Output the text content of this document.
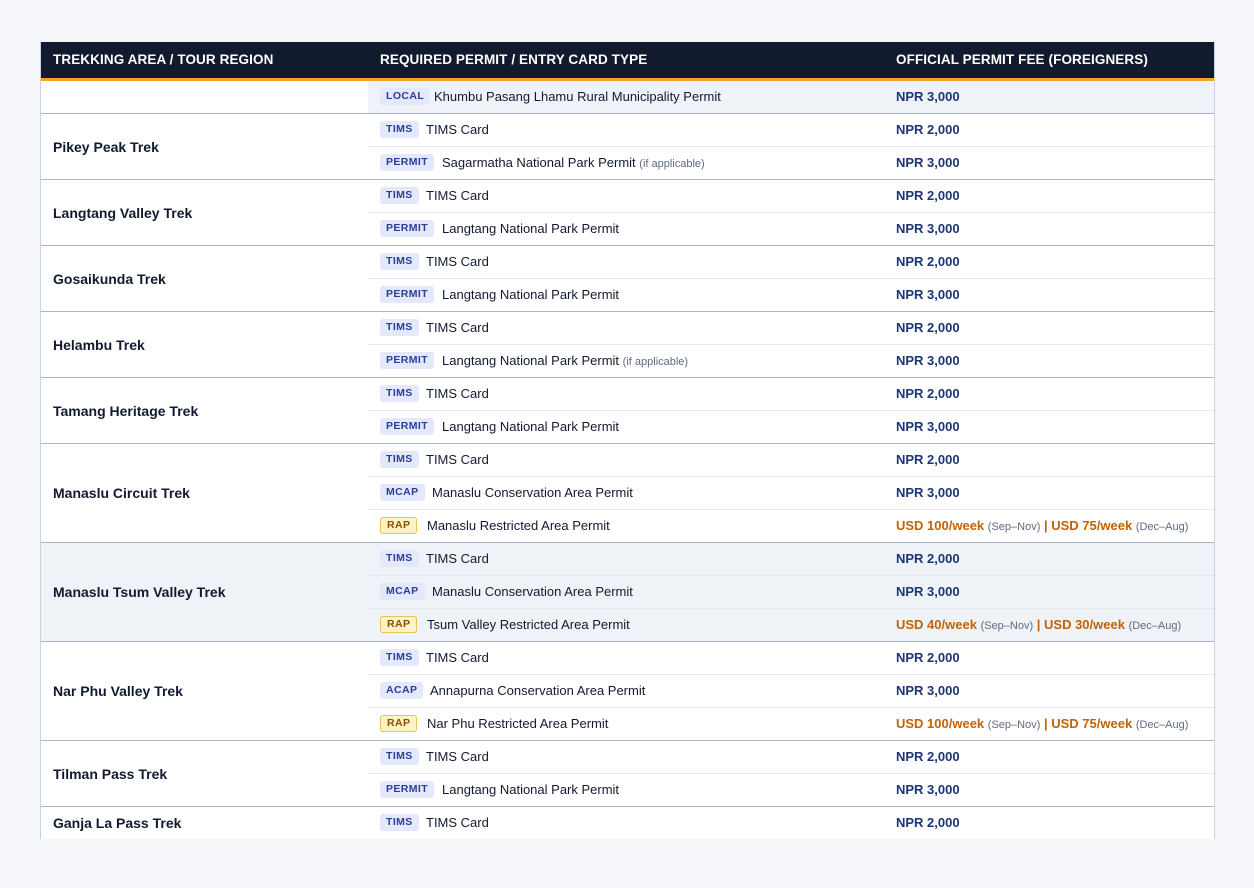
TREKKING AREA / TOUR REGION	REQUIRED PERMIT / ENTRY CARD TYPE	OFFICIAL PERMIT FEE (FOREIGNERS)
LOCAL Khumbu Pasang Lhamu Rural Municipality Permit	NPR 3,000
Pikey Peak Trek
TIMS	TIMS Card	NPR 2,000
PERMIT	Sagarmatha National Park Permit (if applicable)	NPR 3,000
Langtang Valley Trek
TIMS	TIMS Card	NPR 2,000
PERMIT	Langtang National Park Permit	NPR 3,000
Gosaikunda Trek
TIMS	TIMS Card	NPR 2,000
PERMIT	Langtang National Park Permit	NPR 3,000
Helambu Trek
TIMS	TIMS Card	NPR 2,000
PERMIT	Langtang National Park Permit (if applicable)	NPR 3,000
Tamang Heritage Trek
TIMS	TIMS Card	NPR 2,000
PERMIT	Langtang National Park Permit	NPR 3,000
Manaslu Circuit Trek
TIMS	TIMS Card	NPR 2,000
MCAP	Manaslu Conservation Area Permit	NPR 3,000
RAP	Manaslu Restricted Area Permit	USD 100/week (Sep–Nov) | USD 75/week (Dec–Aug)
Manaslu Tsum Valley Trek
TIMS	TIMS Card	NPR 2,000
MCAP	Manaslu Conservation Area Permit	NPR 3,000
RAP	Tsum Valley Restricted Area Permit	USD 40/week (Sep–Nov) | USD 30/week (Dec–Aug)
Nar Phu Valley Trek
TIMS	TIMS Card	NPR 2,000
ACAP Annapurna Conservation Area Permit	NPR 3,000
RAP	Nar Phu Restricted Area Permit	USD 100/week (Sep–Nov) | USD 75/week (Dec–Aug)
Tilman Pass Trek
TIMS	TIMS Card	NPR 2,000
PERMIT	Langtang National Park Permit	NPR 3,000
Ganja La Pass Trek	TIMS	TIMS Card	NPR 2,000
